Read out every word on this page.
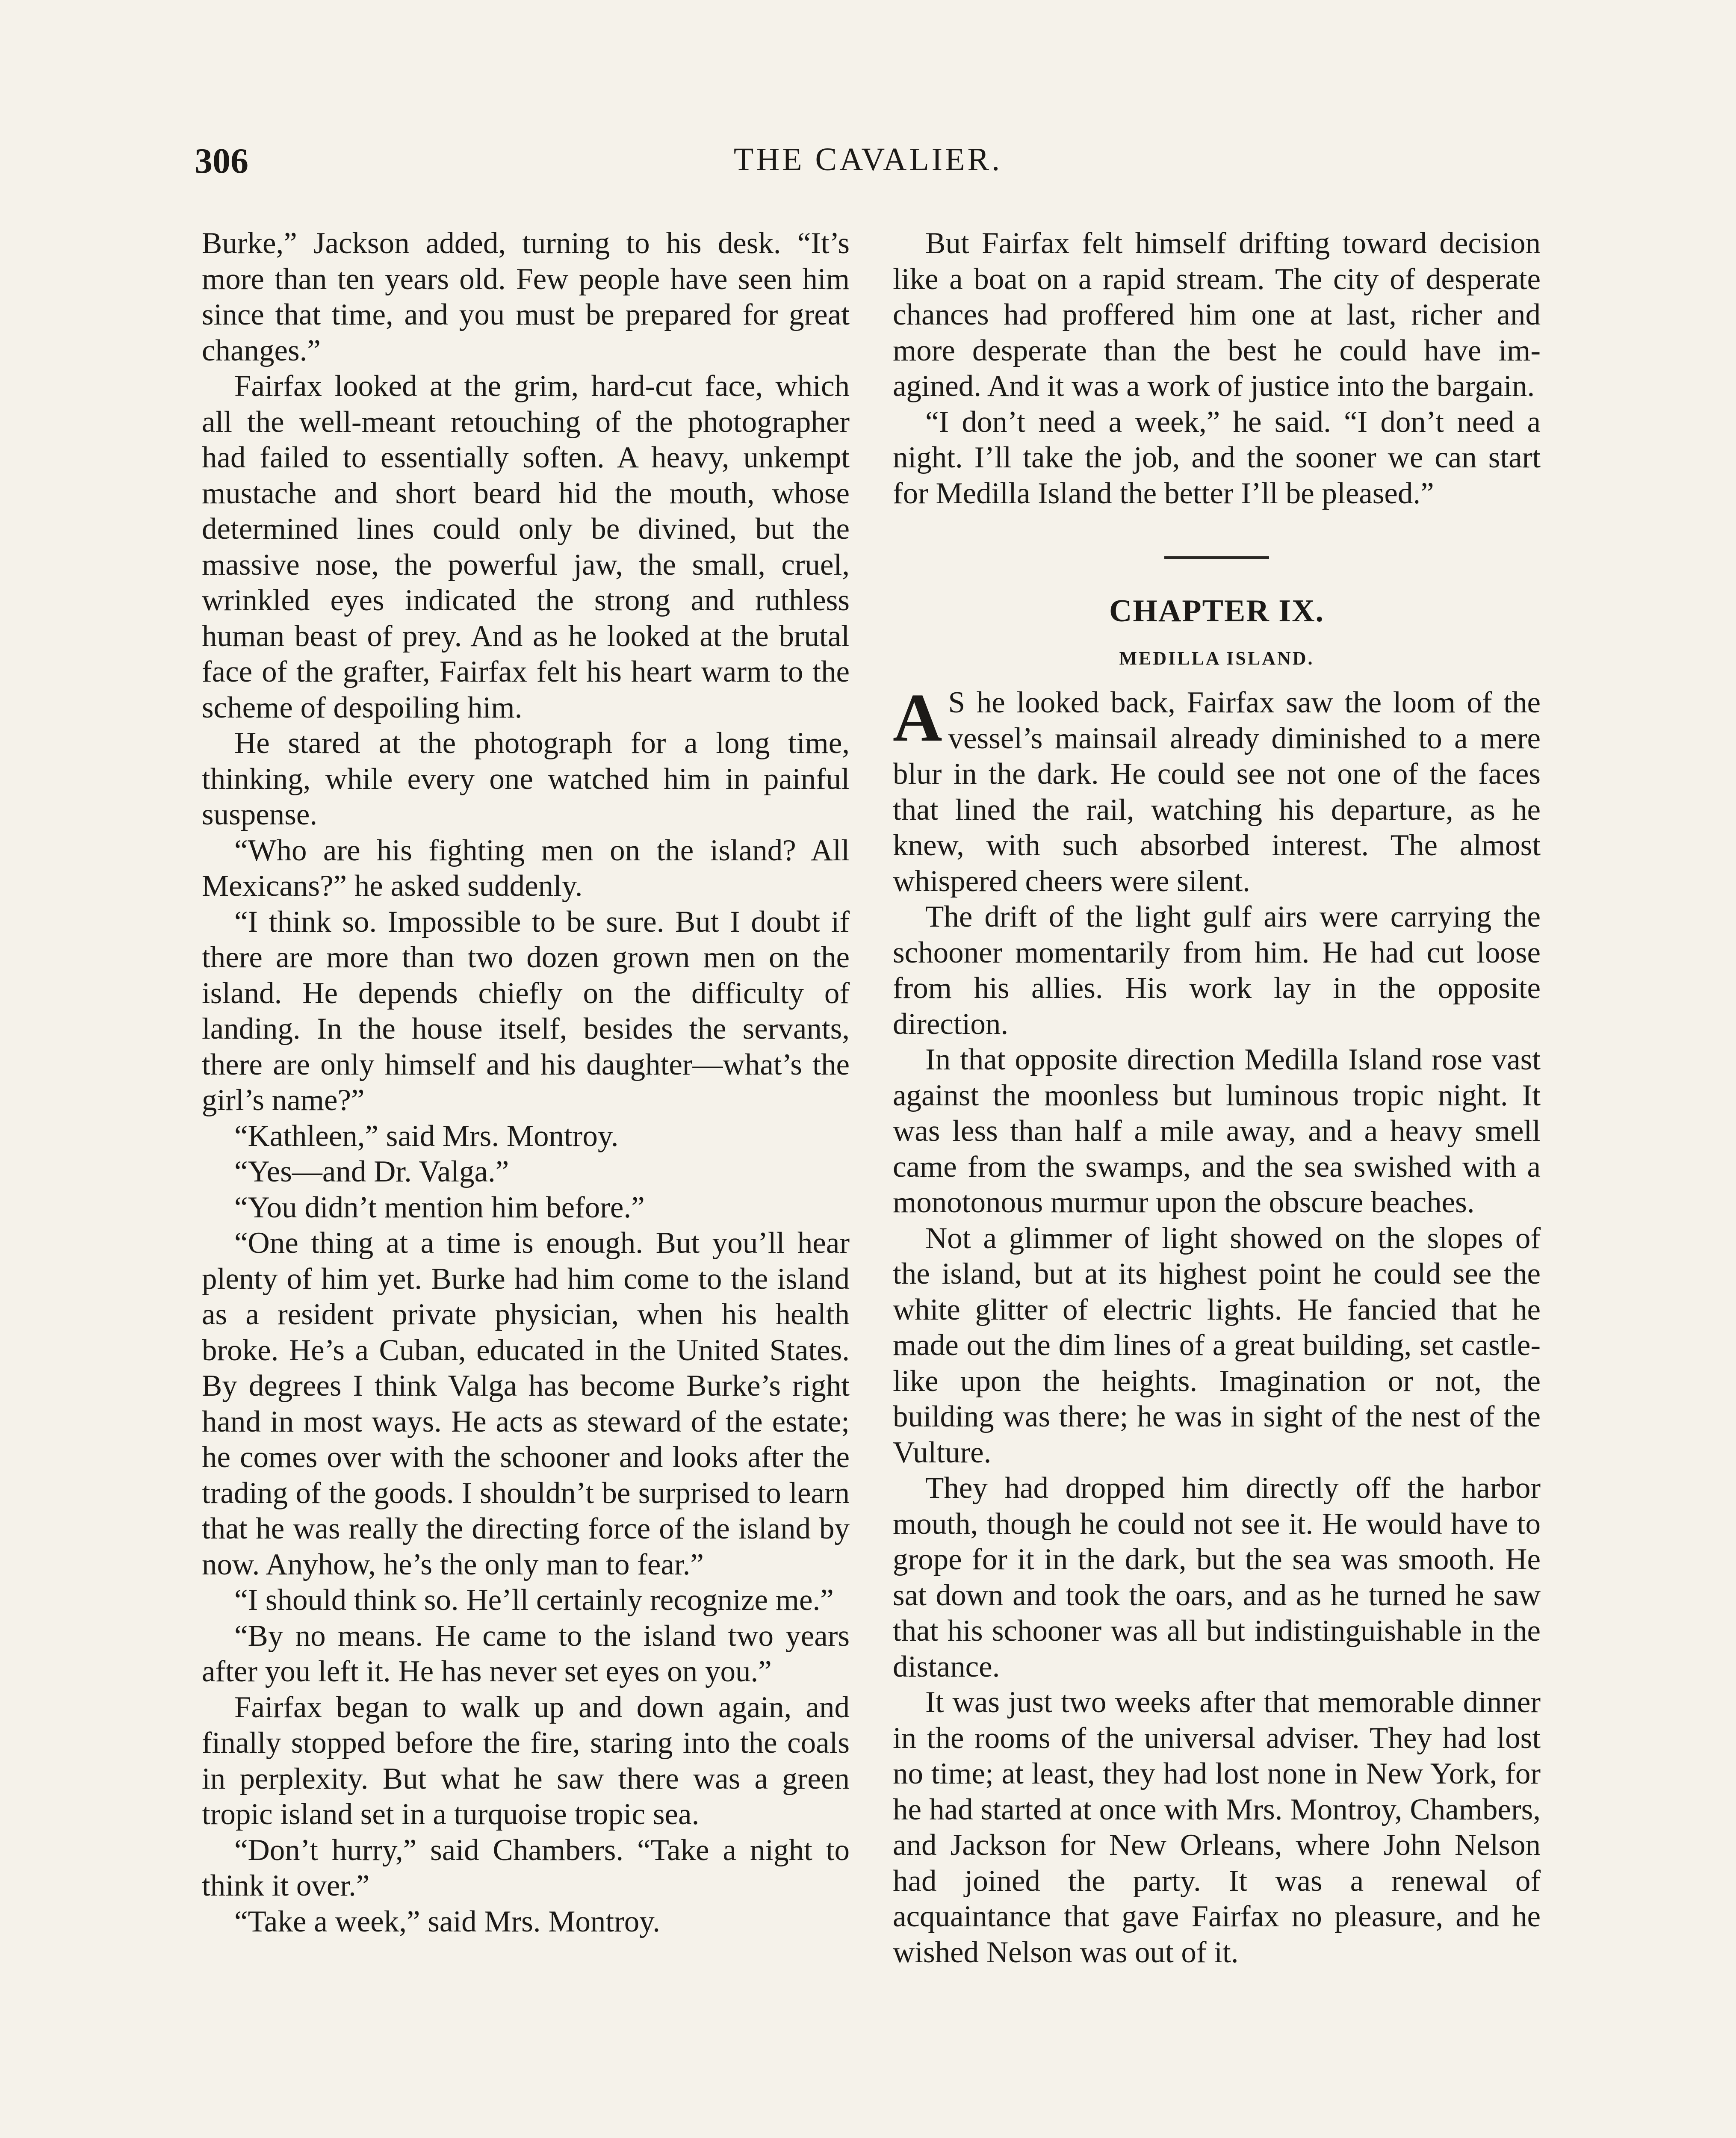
306	THE CAVALIER.

Burke,” Jackson added, turning to his desk. “It’s more than ten years old. Few people have seen him since that time, and you must be prepared for great changes.”

Fairfax looked at the grim, hard-cut face, which all the well-meant retouching of the photographer had failed to essentially soften. A heavy, unkempt mustache and short beard hid the mouth, whose determined lines could only be divined, but the massive nose, the powerful jaw, the small, cruel, wrinkled eyes indicated the strong and ruthless human beast of prey. And as he looked at the brutal face of the grafter, Fairfax felt his heart warm to the scheme of despoiling him.

He stared at the photograph for a long time, thinking, while every one watched him in painful suspense.

“Who are his fighting men on the island? All Mexicans?” he asked suddenly.

“I think so. Impossible to be sure. But I doubt if there are more than two dozen grown men on the island. He depends chiefly on the difficulty of landing. In the house itself, besides the servants, there are only himself and his daughter—what’s the girl’s name?”

“Kathleen,” said Mrs. Montroy.

“Yes—and Dr. Valga.”

“You didn’t mention him before.”

“One thing at a time is enough. But you’ll hear plenty of him yet. Burke had him come to the island as a resident private physician, when his health broke. He’s a Cuban, educated in the United States. By degrees I think Valga has become Burke’s right hand in most ways. He acts as steward of the estate; he comes over with the schooner and looks after the trading of the goods. I shouldn’t be surprised to learn that he was really the directing force of the island by now. Anyhow, he’s the only man to fear.”

“I should think so. He’ll certainly recognize me.”

“By no means. He came to the island two years after you left it. He has never set eyes on you.”

Fairfax began to walk up and down again, and finally stopped before the fire, staring into the coals in perplexity. But what he saw there was a green tropic island set in a turquoise tropic sea.

“Don’t hurry,” said Chambers. “Take a night to think it over.”

“Take a week,” said Mrs. Montroy.

But Fairfax felt himself drifting toward decision like a boat on a rapid stream. The city of desperate chances had proffered him one at last, richer and more desperate than the best he could have imagined. And it was a work of justice into the bargain.

“I don’t need a week,” he said. “I don’t need a night. I’ll take the job, and the sooner we can start for Medilla Island the better I’ll be pleased.”

CHAPTER IX.
MEDILLA ISLAND.

A S he looked back, Fairfax saw the loom of the vessel’s mainsail already diminished to a mere blur in the dark. He could see not one of the faces that lined the rail, watching his departure, as he knew, with such absorbed interest. The almost whispered cheers were silent.

The drift of the light gulf airs were carrying the schooner momentarily from him. He had cut loose from his allies. His work lay in the opposite direction.

In that opposite direction Medilla Island rose vast against the moonless but luminous tropic night. It was less than half a mile away, and a heavy smell came from the swamps, and the sea swished with a monotonous murmur upon the obscure beaches.

Not a glimmer of light showed on the slopes of the island, but at its highest point he could see the white glitter of electric lights. He fancied that he made out the dim lines of a great building, set castle-like upon the heights. Imagination or not, the building was there; he was in sight of the nest of the Vulture.

They had dropped him directly off the harbor mouth, though he could not see it. He would have to grope for it in the dark, but the sea was smooth. He sat down and took the oars, and as he turned he saw that his schooner was all but indistinguishable in the distance.

It was just two weeks after that memorable dinner in the rooms of the universal adviser. They had lost no time; at least, they had lost none in New York, for he had started at once with Mrs. Montroy, Chambers, and Jackson for New Orleans, where John Nelson had joined the party. It was a renewal of acquaintance that gave Fairfax no pleasure, and he wished Nelson was out of it.
